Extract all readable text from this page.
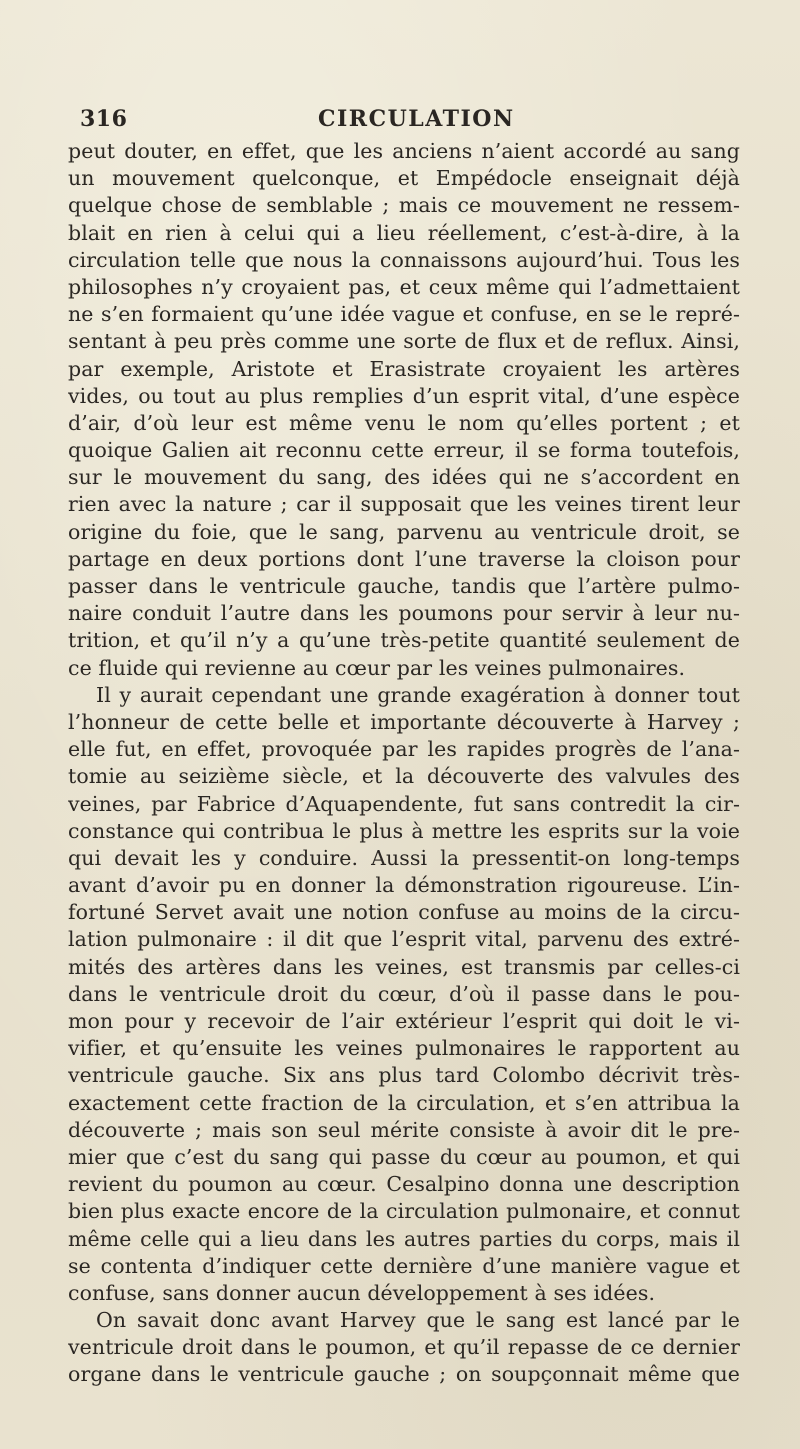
316	CIRCULATION
peut douter, en effet, que les anciens n’aient accordé au sang
un mouvement quelconque, et Empédocle enseignait déjà
quelque chose de semblable ; mais ce mouvement ne ressem-
blait en rien à celui qui a lieu réellement, c’est-à-dire, à la
circulation telle que nous la connaissons aujourd’hui. Tous les
philosophes n’y croyaient pas, et ceux même qui l’admettaient
ne s’en formaient qu’une idée vague et confuse, en se le repré-
sentant à peu près comme une sorte de flux et de reflux. Ainsi,
par exemple, Aristote et Erasistrate croyaient les artères
vides, ou tout au plus remplies d’un esprit vital, d’une espèce
d’air, d’où leur est même venu le nom qu’elles portent ; et
quoique Galien ait reconnu cette erreur, il se forma toutefois,
sur le mouvement du sang, des idées qui ne s’accordent en
rien avec la nature ; car il supposait que les veines tirent leur
origine du foie, que le sang, parvenu au ventricule droit, se
partage en deux portions dont l’une traverse la cloison pour
passer dans le ventricule gauche, tandis que l’artère pulmo-
naire conduit l’autre dans les poumons pour servir à leur nu-
trition, et qu’il n’y a qu’une très-petite quantité seulement de
ce fluide qui revienne au cœur par les veines pulmonaires.
Il y aurait cependant une grande exagération à donner tout
l’honneur de cette belle et importante découverte à Harvey ;
elle fut, en effet, provoquée par les rapides progrès de l’ana-
tomie au seizième siècle, et la découverte des valvules des
veines, par Fabrice d’Aquapendente, fut sans contredit la cir-
constance qui contribua le plus à mettre les esprits sur la voie
qui devait les y conduire. Aussi la pressentit-on long-temps
avant d’avoir pu en donner la démonstration rigoureuse. L’in-
fortuné Servet avait une notion confuse au moins de la circu-
lation pulmonaire : il dit que l’esprit vital, parvenu des extré-
mités des artères dans les veines, est transmis par celles-ci
dans le ventricule droit du cœur, d’où il passe dans le pou-
mon pour y recevoir de l’air extérieur l’esprit qui doit le vi-
vifier, et qu’ensuite les veines pulmonaires le rapportent au
ventricule gauche. Six ans plus tard Colombo décrivit très-
exactement cette fraction de la circulation, et s’en attribua la
découverte ; mais son seul mérite consiste à avoir dit le pre-
mier que c’est du sang qui passe du cœur au poumon, et qui
revient du poumon au cœur. Cesalpino donna une description
bien plus exacte encore de la circulation pulmonaire, et connut
même celle qui a lieu dans les autres parties du corps, mais il
se contenta d’indiquer cette dernière d’une manière vague et
confuse, sans donner aucun développement à ses idées.
On savait donc avant Harvey que le sang est lancé par le
ventricule droit dans le poumon, et qu’il repasse de ce dernier
organe dans le ventricule gauche ; on soupçonnait même que
